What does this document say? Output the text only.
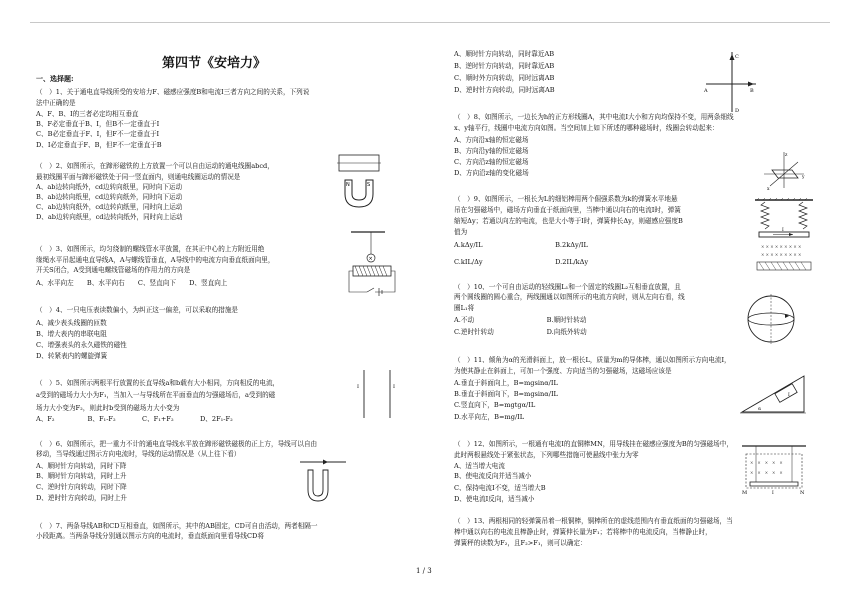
第四节《安培力》
一、选择题:
（　）1、关于通电直导线所受的安培力F、磁感应强度B和电流I三者方向之间的关系，下列说
法中正确的是
A、F、B、I的三者必定均相互垂直
B、F必定垂直于B、I，但B不一定垂直于I
C、B必定垂直于F、I，但F不一定垂直于I
D、I必定垂直于F、B，但F不一定垂直于B
（　）2、如图所示，在蹄形磁铁的上方放置一个可以自由运动的通电线圈abcd，
最初线圈平面与蹄形磁铁处于同一竖直面内，则通电线圈运动的情况是
A、ab边转向纸外，cd边转向纸里，同时向下运动
B、ab边转向纸里，cd边转向纸外，同时向下运动
C、ab边转向纸外，cd边转向纸里，同时向上运动
D、ab边转向纸里，cd边转向纸外，同时向上运动
（　）3、如图所示，均匀绕制的螺线管水平放置，在其正中心的上方附近用绝
缘绳水平吊起通电直导线A，A与螺线管垂直，A导线中的电流方向垂直纸面向里，
开关S闭合，A受到通电螺线管磁场的作用力的方向是
A、水平向左　　B、水平向右　　C、竖直向下　　D、竖直向上
（　）4、一只电压表读数偏小，为纠正这一偏差，可以采取的措施是
A、减少表头线圈的匝数
B、增大表内的串联电阻
C、增强表头的永久磁铁的磁性
D、转紧表内的螺旋弹簧
（　）5、如图所示两根平行放置的长直导线a和b载有大小相同，方向相反的电流，
a受到的磁场力大小为F₁，当加入一与导线所在平面垂直的匀强磁场后，a受到的磁
场力大小变为F₂，则此时b受到的磁场力大小变为
A、F₂　　　　　B、F₁-F₂　　　　C、F₁+F₂　　　　D、2F₁-F₂
（　）6、如图所示，把一重力不计的通电直导线水平放在蹄形磁铁磁极的正上方，导线可以自由
移动，当导线通过图示方向电流时，导线的运动情况是（从上往下看）
A、顺时针方向转动，同时下降
B、顺时针方向转动，同时上升
C、逆时针方向转动，同时下降
D、逆时针方向转动，同时上升
（　）7、两条导线AB和CD互相垂直，如图所示，其中的AB固定，CD可自由活动，两者相隔一
小段距离。当两条导线分别通以图示方向的电流时，垂直纸面向里看导线CD将
A、顺时针方向转动，同时靠近AB
B、逆时针方向转动，同时靠近AB
C、顺时外方向转动，同时远离AB
D、逆时针方向转动，同时远离AB
（　）8、如图所示，一边长为h的正方形线圈A，其中电流I大小和方向均保持不变，用两条细线
x、y轴平行，线圈中电流方向如图。当空间加上如下所述的哪种磁场时，线圈会转动起来：
A、方向沿x轴的恒定磁场
B、方向沿y轴的恒定磁场
C、方向沿z轴的恒定磁场
D、方向沿z轴的变化磁场
（　）9、如图所示，一根长为L的细铝棒用两个倔强系数为k的弹簧水平地悬
吊在匀强磁场中，磁场方向垂直于纸面向里，当棒中通以向右的电流I时，弹簧
缩短Δy；若通以向左的电流，也是大小等于I时，弹簧伸长Δy，则磁感应强度B
值为
A.kΔy/IL　　　　　　　　　　　B.2kΔy/IL
C.kIL/Δy　　　　　　　　　　　D.2IL/kΔy
（　）10、一个可自由运动的轻线圈L₁和一个固定的线圈L₂互相垂直放置，且
两个圆线圈的圆心重合，两线圈通以如图所示的电流方向时，则从左向右看，线
圈L₁将
A.不动　　　　　　　　　　　B.顺时针转动
C.逆时针转动　　　　　　　　D.向纸外转动
（　）11、倾角为α的光滑斜面上，放一根长L，质量为m的导体棒，通以如图所示方向电流I，
为使其静止在斜面上，可加一个强度、方向适当的匀强磁场，这磁场应该是
A.垂直于斜面向上，B=mgsinα/IL
B.垂直于斜面向下，B=mgsinα/IL
C.竖直向下，B=mgtgα/IL
D.水平向左，B=mg/IL
（　）12、如图所示，一根通有电流I的直铜棒MN，用导线挂在磁感应强度为B的匀强磁场中，
此时两根悬线处于紧张状态，下列哪些措施可使悬线中张力为零
A、适当增大电流
B、使电流反向并适当减小
C、保持电流I不变，适当增大B
D、使电流I反向，适当减小
（　）13、两根相同的轻弹簧吊着一根铜棒，铜棒所在的虚线范围内有垂直纸面的匀强磁场，当
棒中通以向右的电流且棒静止时，弹簧伸长量为F₁；若将棒中的电流反向，当棒静止时，
弹簧秤的读数为F₂，且F₂>F₁，则可以确定：
N	S
×
I	I
A	B
C
D
z
y
x
I
× × × × × × × × ×
× × × × × × × × ×
I
α
×　×　×　×　×
×　×　×　×　×
M	N
I
1 / 3
